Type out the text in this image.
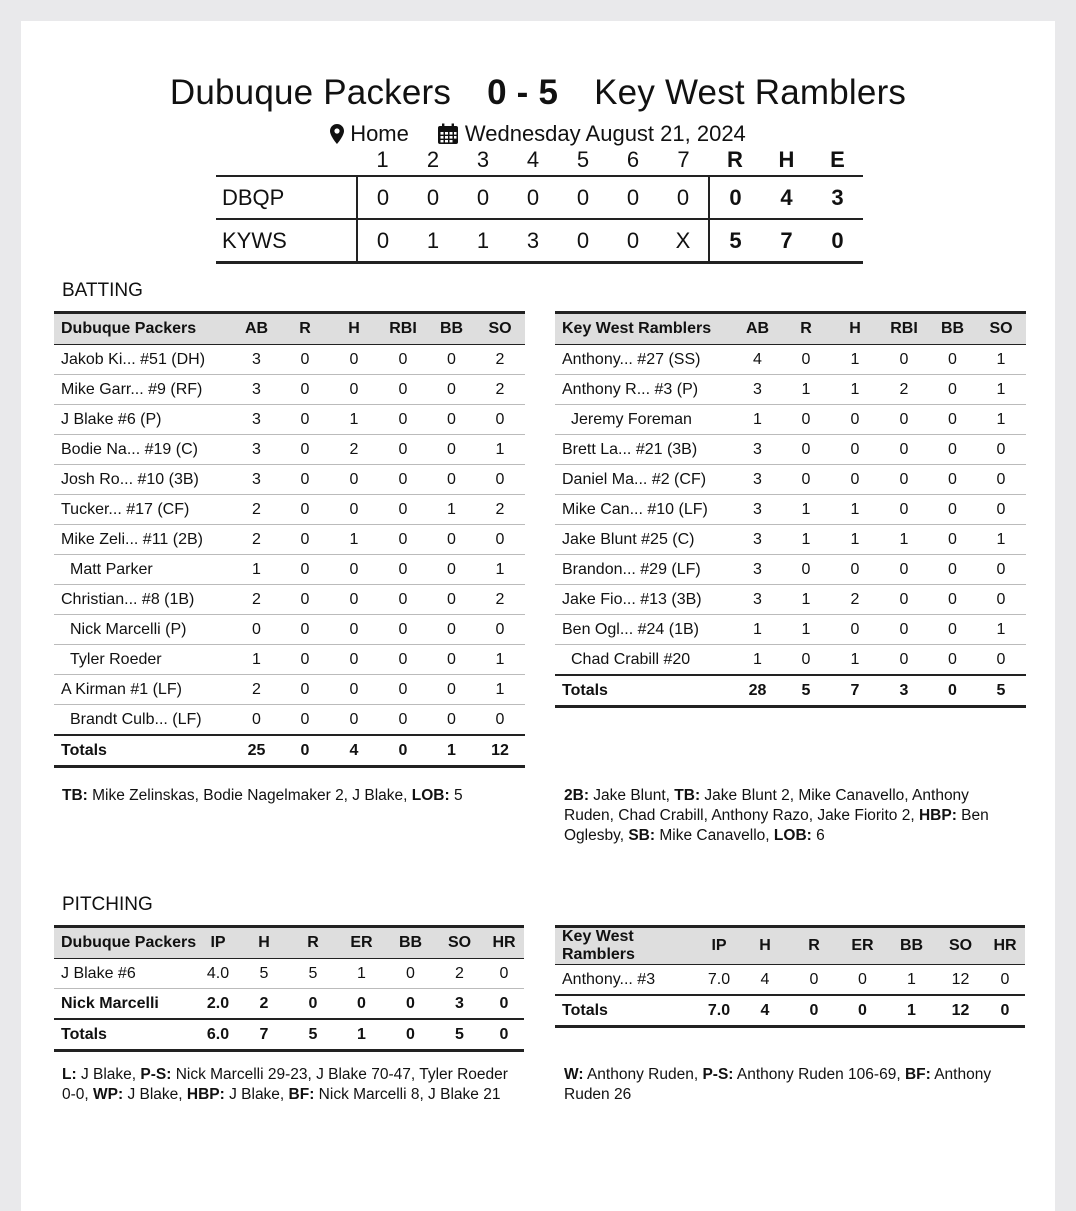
Dubuque Packers 0 - 5 Key West Ramblers
Home	Wednesday August 21, 2024
	1	2	3	4	5	6	7	R	H	E
DBQP	0	0	0	0	0	0	0	0	4	3
KYWS	0	1	1	3	0	0	X	5	7	0
BATTING
Dubuque Packers	AB	R	H	RBI	BB	SO
Jakob Ki... #51 (DH)	3	0	0	0	0	2
Mike Garr... #9 (RF)	3	0	0	0	0	2
J Blake #6 (P)	3	0	1	0	0	0
Bodie Na... #19 (C)	3	0	2	0	0	1
Josh Ro... #10 (3B)	3	0	0	0	0	0
Tucker... #17 (CF)	2	0	0	0	1	2
Mike Zeli... #11 (2B)	2	0	1	0	0	0
Matt Parker	1	0	0	0	0	1
Christian... #8 (1B)	2	0	0	0	0	2
Nick Marcelli (P)	0	0	0	0	0	0
Tyler Roeder	1	0	0	0	0	1
A Kirman #1 (LF)	2	0	0	0	0	1
Brandt Culb... (LF)	0	0	0	0	0	0
Totals	25	0	4	0	1	12
Key West Ramblers	AB	R	H	RBI	BB	SO
Anthony... #27 (SS)	4	0	1	0	0	1
Anthony R... #3 (P)	3	1	1	2	0	1
Jeremy Foreman	1	0	0	0	0	1
Brett La... #21 (3B)	3	0	0	0	0	0
Daniel Ma... #2 (CF)	3	0	0	0	0	0
Mike Can... #10 (LF)	3	1	1	0	0	0
Jake Blunt #25 (C)	3	1	1	1	0	1
Brandon... #29 (LF)	3	0	0	0	0	0
Jake Fio... #13 (3B)	3	1	2	0	0	0
Ben Ogl... #24 (1B)	1	1	0	0	0	1
Chad Crabill #20	1	0	1	0	0	0
Totals	28	5	7	3	0	5
TB: Mike Zelinskas, Bodie Nagelmaker 2, J Blake, LOB: 5	2B: Jake Blunt, TB: Jake Blunt 2, Mike Canavello, Anthony Ruden, Chad Crabill, Anthony Razo, Jake Fiorito 2, HBP: Ben Oglesby, SB: Mike Canavello, LOB: 6
PITCHING
Dubuque Packers	IP	H	R	ER	BB	SO	HR
J Blake #6	4.0	5	5	1	0	2	0
Nick Marcelli	2.0	2	0	0	0	3	0
Totals	6.0	7	5	1	0	5	0
Key West Ramblers	IP	H	R	ER	BB	SO	HR
Anthony... #3	7.0	4	0	0	1	12	0
Totals	7.0	4	0	0	1	12	0
L: J Blake, P-S: Nick Marcelli 29-23, J Blake 70-47, Tyler Roeder 0-0, WP: J Blake, HBP: J Blake, BF: Nick Marcelli 8, J Blake 21
W: Anthony Ruden, P-S: Anthony Ruden 106-69, BF: Anthony Ruden 26
